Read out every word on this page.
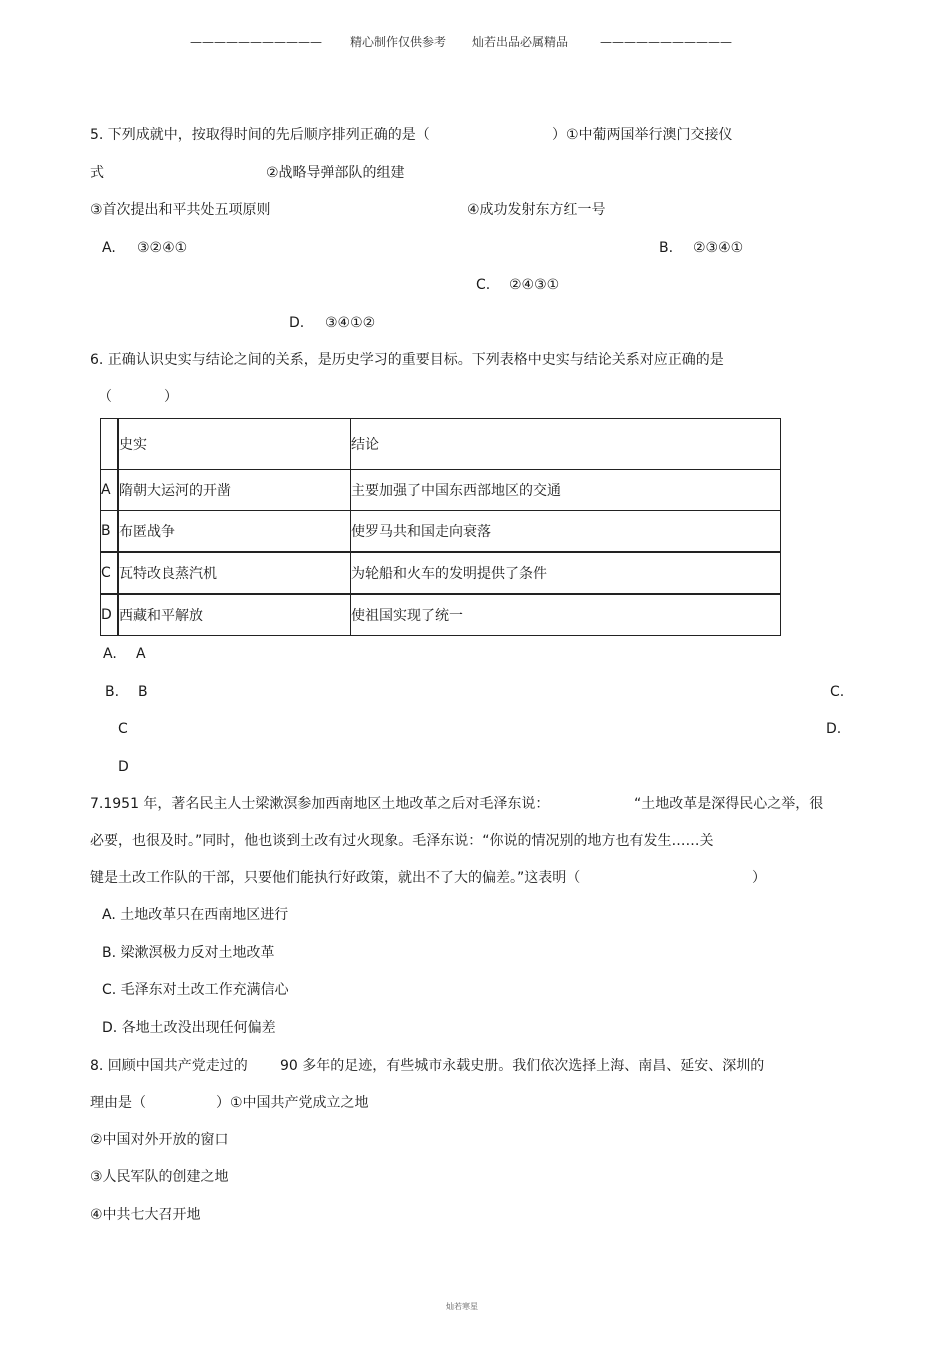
——————————— 精心制作仅供参考 灿若出品必属精品	———————————
5. 下列成就中，按取得时间的先后顺序排列正确的是（	）①中葡两国举行澳门交接仪
式	②战略导弹部队的组建
③首次提出和平共处五项原则	④成功发射东方红一号
A. ③②④①	B. ②③④①
C. ②④③①
D. ③④①②
6. 正确认识史实与结论之间的关系，是历史学习的重要目标。下列表格中史实与结论关系对应正确的是
（	）
	史实	结论
A	隋朝大运河的开凿	主要加强了中国东西部地区的交通
B	布匿战争	使罗马共和国走向衰落
C	瓦特改良蒸汽机	为轮船和火车的发明提供了条件
D	西藏和平解放	使祖国实现了统一
A. A
B. B	C.
C	D.
D
7.1951 年，著名民主人士梁漱溟参加西南地区土地改革之后对毛泽东说：	“土地改革是深得民心之举，很
必要，也很及时。”同时，他也谈到土改有过火现象。毛泽东说：“你说的情况别的地方也有发生……关
键是土改工作队的干部，只要他们能执行好政策，就出不了大的偏差。”这表明（	）
A. 土地改革只在西南地区进行
B. 梁漱溟极力反对土地改革
C. 毛泽东对土改工作充满信心
D. 各地土改没出现任何偏差
8. 回顾中国共产党走过的 90 多年的足迹，有些城市永载史册。我们依次选择上海、南昌、延安、深圳的
理由是（	）①中国共产党成立之地
②中国对外开放的窗口
③人民军队的创建之地
④中共七大召开地
灿若寒星
